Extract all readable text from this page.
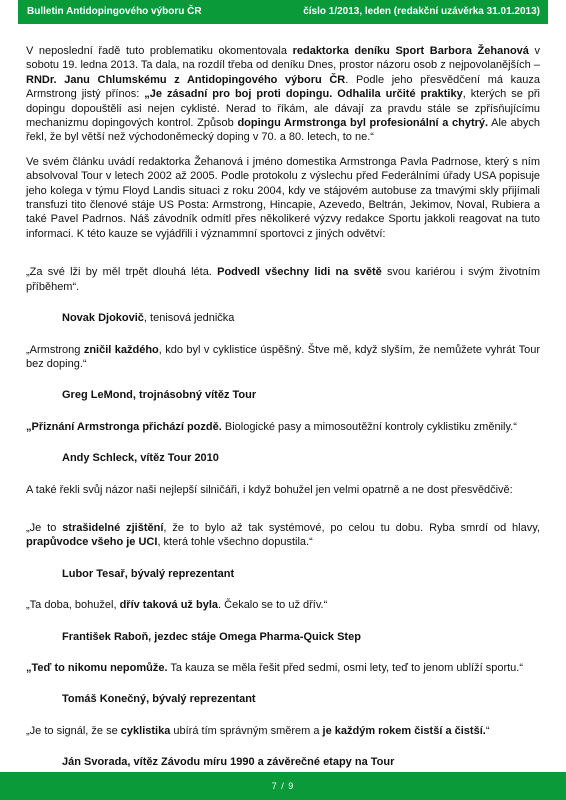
Bulletin Antidopingového výboru ČR	číslo 1/2013, leden (redakční uzávěrka 31.01.2013)

V neposlední řadě tuto problematiku okomentovala redaktorka deníku Sport Barbora Žehanová v sobotu 19. ledna 2013. Ta dala, na rozdíl třeba od deníku Dnes, prostor názoru osob z nejpovolanějších – RNDr. Janu Chlumskému z Antidopingového výboru ČR. Podle jeho přesvědčení má kauza Armstrong jistý přínos: „Je zásadní pro boj proti dopingu. Odhalila určité praktiky, kterých se při dopingu dopouštěli asi nejen cyklisté. Nerad to říkám, ale dávají za pravdu stále se zpřísňujícímu mechanizmu dopingových kontrol. Způsob dopingu Armstronga byl profesionální a chytrý. Ale abych řekl, že byl větší než východoněmecký doping v 70. a 80. letech, to ne.“

Ve svém článku uvádí redaktorka Žehanová i jméno domestika Armstronga Pavla Padrnose, který s ním absolvoval Tour v letech 2002 až 2005. Podle protokolu z výslechu před Federálními úřady USA popisuje jeho kolega v týmu Floyd Landis situaci z roku 2004, kdy ve stájovém autobuse za tmavými skly přijímali transfuzi tito členové stáje US Posta: Armstrong, Hincapie, Azevedo, Beltrán, Jekimov, Noval, Rubiera a také Pavel Padrnos. Náš závodník odmítl přes několikeré výzvy redakce Sportu jakkoli reagovat na tuto informaci. K této kauze se vyjádřili i význammní sportovci z jiných odvětví:

„Za své lži by měl trpět dlouhá léta. Podvedl všechny lidi na světě svou kariérou i svým životním příběhem“.

Novak Djokovič, tenisová jednička

„Armstrong zničil každého, kdo byl v cyklistice úspěšný. Štve mě, když slyším, že nemůžete vyhrát Tour bez doping.“

Greg LeMond, trojnásobný vítěz Tour

„Přiznání Armstronga přichází pozdě. Biologické pasy a mimosoutěžní kontroly cyklistiku změnily.“

Andy Schleck, vítěz Tour 2010

A také řekli svůj názor naši nejlepší silničáři, i když bohužel jen velmi opatrně a ne dost přesvědčivě:

„Je to strašidelné zjištění, že to bylo až tak systémové, po celou tu dobu. Ryba smrdí od hlavy, prapůvodce všeho je UCI, která tohle všechno dopustila.“

Lubor Tesař, bývalý reprezentant

„Ta doba, bohužel, dřív taková už byla. Čekalo se to už dřív.“

František Raboň, jezdec stáje Omega Pharma-Quick Step

„Teď to nikomu nepomůže. Ta kauza se měla řešit před sedmi, osmi lety, teď to jenom ublíží sportu.“

Tomáš Konečný, bývalý reprezentant

„Je to signál, že se cyklistika ubírá tím správným směrem a je každým rokem čistší a čistší.“

Ján Svorada, vítěz Závodu míru 1990 a závěrečné etapy na Tour

7 / 9
